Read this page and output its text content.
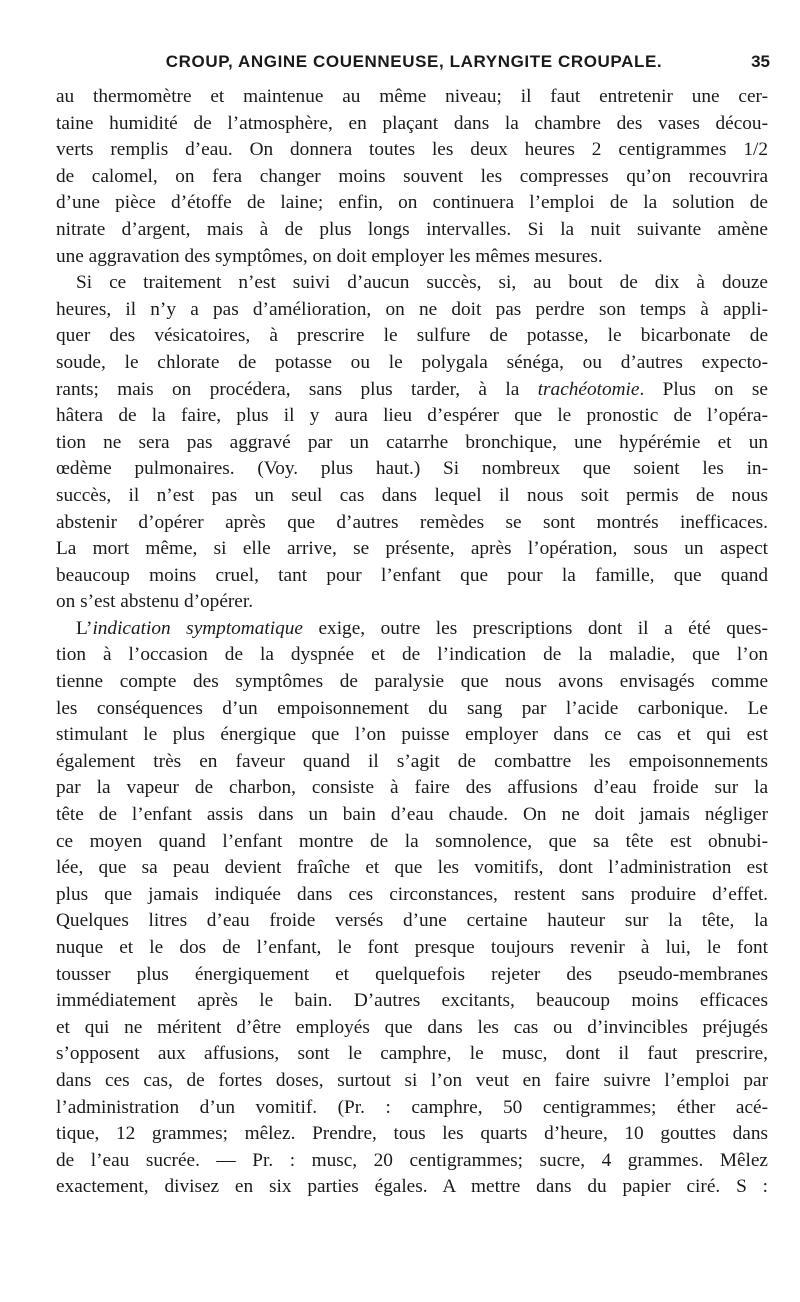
CROUP, ANGINE COUENNEUSE, LARYNGITE CROUPALE.	35
au thermomètre et maintenue au même niveau; il faut entretenir une cer-
taine humidité de l’atmosphère, en plaçant dans la chambre des vases décou-
verts remplis d’eau. On donnera toutes les deux heures 2 centigrammes 1/2
de calomel, on fera changer moins souvent les compresses qu’on recouvrira
d’une pièce d’étoffe de laine; enfin, on continuera l’emploi de la solution de
nitrate d’argent, mais à de plus longs intervalles. Si la nuit suivante amène
une aggravation des symptômes, on doit employer les mêmes mesures.
Si ce traitement n’est suivi d’aucun succès, si, au bout de dix à douze
heures, il n’y a pas d’amélioration, on ne doit pas perdre son temps à appli-
quer des vésicatoires, à prescrire le sulfure de potasse, le bicarbonate de
soude, le chlorate de potasse ou le polygala sénéga, ou d’autres expecto-
rants; mais on procédera, sans plus tarder, à la trachéotomie. Plus on se
hâtera de la faire, plus il y aura lieu d’espérer que le pronostic de l’opéra-
tion ne sera pas aggravé par un catarrhe bronchique, une hypérémie et un
œdème pulmonaires. (Voy. plus haut.) Si nombreux que soient les in-
succès, il n’est pas un seul cas dans lequel il nous soit permis de nous
abstenir d’opérer après que d’autres remèdes se sont montrés inefficaces.
La mort même, si elle arrive, se présente, après l’opération, sous un aspect
beaucoup moins cruel, tant pour l’enfant que pour la famille, que quand
on s’est abstenu d’opérer.
L’indication symptomatique exige, outre les prescriptions dont il a été ques-
tion à l’occasion de la dyspnée et de l’indication de la maladie, que l’on
tienne compte des symptômes de paralysie que nous avons envisagés comme
les conséquences d’un empoisonnement du sang par l’acide carbonique. Le
stimulant le plus énergique que l’on puisse employer dans ce cas et qui est
également très en faveur quand il s’agit de combattre les empoisonnements
par la vapeur de charbon, consiste à faire des affusions d’eau froide sur la
tête de l’enfant assis dans un bain d’eau chaude. On ne doit jamais négliger
ce moyen quand l’enfant montre de la somnolence, que sa tête est obnubi-
lée, que sa peau devient fraîche et que les vomitifs, dont l’administration est
plus que jamais indiquée dans ces circonstances, restent sans produire d’effet.
Quelques litres d’eau froide versés d’une certaine hauteur sur la tête, la
nuque et le dos de l’enfant, le font presque toujours revenir à lui, le font
tousser plus énergiquement et quelquefois rejeter des pseudo-membranes
immédiatement après le bain. D’autres excitants, beaucoup moins efficaces
et qui ne méritent d’être employés que dans les cas ou d’invincibles préjugés
s’opposent aux affusions, sont le camphre, le musc, dont il faut prescrire,
dans ces cas, de fortes doses, surtout si l’on veut en faire suivre l’emploi par
l’administration d’un vomitif. (Pr. : camphre, 50 centigrammes; éther acé-
tique, 12 grammes; mêlez. Prendre, tous les quarts d’heure, 10 gouttes dans
de l’eau sucrée. — Pr. : musc, 20 centigrammes; sucre, 4 grammes. Mêlez
exactement, divisez en six parties égales. A mettre dans du papier ciré. S :
